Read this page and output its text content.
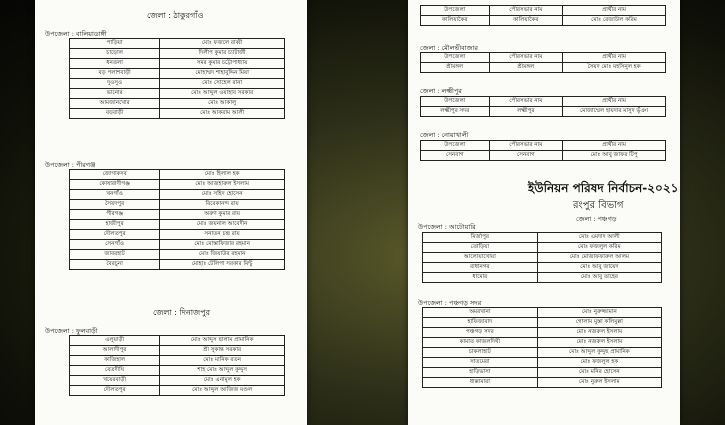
জেলা : ঠাকুরগাঁও
উপজেলা : বালিয়াডাঙ্গী
পাড়িয়া	মোঃ ফজলে রাব্বী
চাড়োল	দিলীপ কুমার চ্যাটার্জী
ধনতলা	সমর কুমার চট্টোপাধ্যায়
বড় পলাশবাড়ী	মোহাম্মদ শাহাবুদ্দিন মিয়া
দুওসুও	মোঃ সোহেল রানা
ভানোর	মোঃ আব্দুল ওয়াহাব সরকার
আমজানখোর	মোঃ আকালু
বড়বাড়ী	মোঃ আকরাম আলী
উপজেলা : পীরগঞ্জ
জোগাকদব	মোঃ হিলাল হক
কোষারাণীগঞ্জ	মোঃ আজহারুল ইসলাম
খনগাঁও	মোঃ সহিদ হোসেন
সৈয়দপুর	বিবেকানন্দ রায়
পীরগঞ্জ	অরুণ কুমার রায়
হাজীপুর	মোঃ জয়নাল আবেদীন
দৌলতপুর	সনাতন চন্দ্র রায়
সেনগাঁও	মোঃ মোস্তাফিজার রহমান
জাবরহাট	মোঃ জিয়াউর রহমান
বৈরচুনা	মোহাঃ টেলিপা সরকার মিন্টু
জেলা : দিনাজপুর
উপজেলা : ফুলবাড়ী
এলুয়াড়ী	মোঃ আব্দুস ছালাম প্রামানিক
আলাদীপুর	শ্রী সুকান্ত সরকার
কাজিহাল	মোঃ মানিক রতন
বেতদীঘি	শাহ মোঃ আব্দুল কুদ্দুস
খয়েরবাড়ী	মোঃ এনামুল হক
দৌলতপুর	মোঃ আব্দুল আজিজ মণ্ডল
উপজেলা	পৌরসভার নাম	প্রার্থীর নাম
কালিয়াকৈর	কালিয়াকৈর	মোঃ রেজাউল করিম
জেলা : মৌলভীবাজার
উপজেলা	পৌরসভার নাম	প্রার্থীর নাম
শ্রীমঙ্গল	শ্রীমঙ্গল	সৈয়দ মোঃ মহসিনুল হক
জেলা : লক্ষ্মীপুর
উপজেলা	পৌরসভার নাম	প্রার্থীর নাম
লক্ষ্মীপুর সদর	লক্ষ্মীপুর	মোজাম্মেল হায়দার মাসুদ ভূঁঞা
জেলা : নোয়াখালী
উপজেলা	পৌরসভার নাম	প্রার্থীর নাম
সেনবাগ	সেনবাগ	মোঃ আবু জাফর টিপু
ইউনিয়ন পরিষদ নির্বাচন-২০২১
রংপুর বিভাগ
জেলা : পঞ্চগড়
উপজেলা : আটোয়ারি
মির্জাপুর	মোঃ এমদাদ আলী
তোড়িয়া	মোঃ ফজলুল করিম
আলোয়াখোয়া	মোঃ মোজাফফারুল আলম
রাধানগর	মোঃ আবু জায়েদ
ধামোর	মোঃ আবু তাহের
উপজেলা : পঞ্চগড় সদর
অমরখানা	মোঃ নুরুজ্জামান
হাফিজাবাদ	গোলাম মুস্তা কলিমুল্লা
পঞ্চগড় সদর	মোঃ নজরুল ইসলাম
কামাত কাজলদিঘী	মোঃ নজরুল ইসলাম
চাকলাহাট	মোঃ আব্দুল কুদ্দুছ প্রামানিক
সাতমেরা	মোঃ ফজলুল হক
হাড়িভাসা	মোঃ মনির হোসেন
ধাক্কামারা	মোঃ নুরুল ইসলাম
